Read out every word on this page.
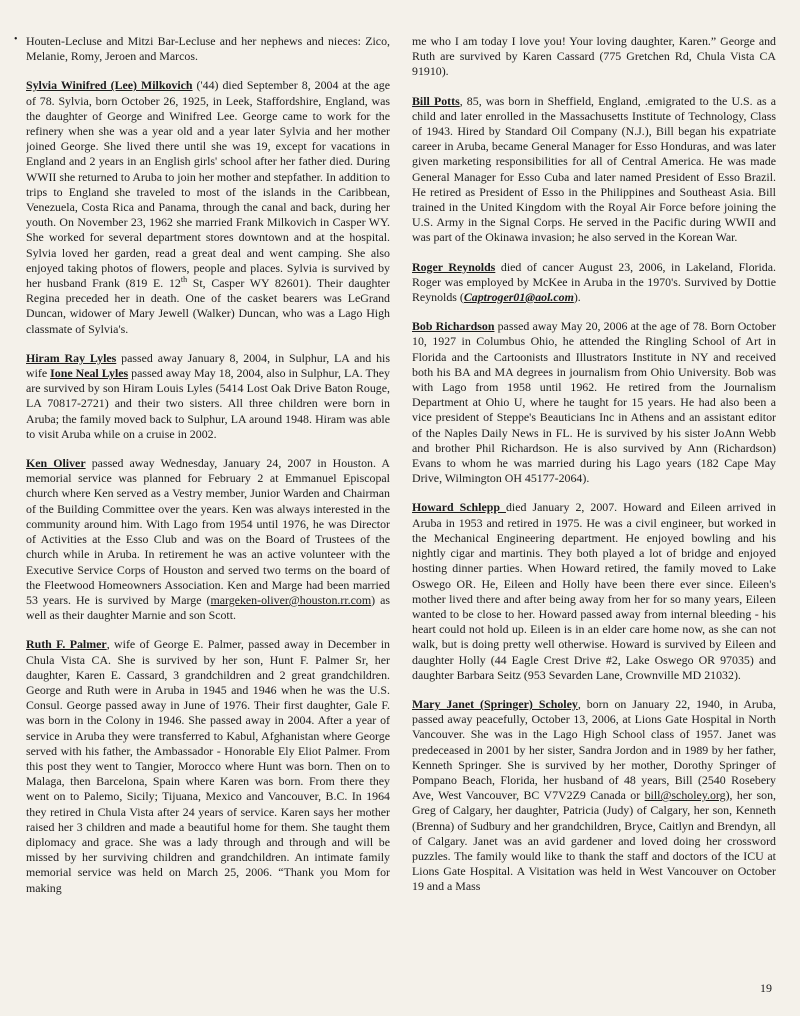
• Houten-Lecluse and Mitzi Bar-Lecluse and her nephews and nieces: Zico, Melanie, Romy, Jeroen and Marcos.

Sylvia Winifred (Lee) Milkovich ('44) died September 8, 2004 at the age of 78. Sylvia, born October 26, 1925, in Leek, Staffordshire, England, was the daughter of George and Winifred Lee. George came to work for the refinery when she was a year old and a year later Sylvia and her mother joined George. She lived there until she was 19, except for vacations in England and 2 years in an English girls' school after her father died. During WWII she returned to Aruba to join her mother and stepfather. In addition to trips to England she traveled to most of the islands in the Caribbean, Venezuela, Costa Rica and Panama, through the canal and back, during her youth. On November 23, 1962 she married Frank Milkovich in Casper WY. She worked for several department stores downtown and at the hospital. Sylvia loved her garden, read a great deal and went camping. She also enjoyed taking photos of flowers, people and places. Sylvia is survived by her husband Frank (819 E. 12th St, Casper WY 82601). Their daughter Regina preceded her in death. One of the casket bearers was LeGrand Duncan, widower of Mary Jewell (Walker) Duncan, who was a Lago High classmate of Sylvia's.

Hiram Ray Lyles passed away January 8, 2004, in Sulphur, LA and his wife Ione Neal Lyles passed away May 18, 2004, also in Sulphur, LA. They are survived by son Hiram Louis Lyles (5414 Lost Oak Drive Baton Rouge, LA 70817-2721) and their two sisters. All three children were born in Aruba; the family moved back to Sulphur, LA around 1948. Hiram was able to visit Aruba while on a cruise in 2002.

Ken Oliver passed away Wednesday, January 24, 2007 in Houston. A memorial service was planned for February 2 at Emmanuel Episcopal church where Ken served as a Vestry member, Junior Warden and Chairman of the Building Committee over the years. Ken was always interested in the community around him. With Lago from 1954 until 1976, he was Director of Activities at the Esso Club and was on the Board of Trustees of the church while in Aruba. In retirement he was an active volunteer with the Executive Service Corps of Houston and served two terms on the board of the Fleetwood Homeowners Association. Ken and Marge had been married 53 years. He is survived by Marge (margeken-oliver@houston.rr.com) as well as their daughter Marnie and son Scott.

Ruth F. Palmer, wife of George E. Palmer, passed away in December in Chula Vista CA. She is survived by her son, Hunt F. Palmer Sr, her daughter, Karen E. Cassard, 3 grandchildren and 2 great grandchildren. George and Ruth were in Aruba in 1945 and 1946 when he was the U.S. Consul. George passed away in June of 1976. Their first daughter, Gale F. was born in the Colony in 1946. She passed away in 2004. After a year of service in Aruba they were transferred to Kabul, Afghanistan where George served with his father, the Ambassador - Honorable Ely Eliot Palmer. From this post they went to Tangier, Morocco where Hunt was born. Then on to Malaga, then Barcelona, Spain where Karen was born. From there they went on to Palemo, Sicily; Tijuana, Mexico and Vancouver, B.C. In 1964 they retired in Chula Vista after 24 years of service. Karen says her mother raised her 3 children and made a beautiful home for them. She taught them diplomacy and grace. She was a lady through and through and will be missed by her surviving children and grandchildren. An intimate family memorial service was held on March 25, 2006. “Thank you Mom for making

me who I am today I love you! Your loving daughter, Karen.” George and Ruth are survived by Karen Cassard (775 Gretchen Rd, Chula Vista CA 91910).

Bill Potts, 85, was born in Sheffield, England, .emigrated to the U.S. as a child and later enrolled in the Massachusetts Institute of Technology, Class of 1943. Hired by Standard Oil Company (N.J.), Bill began his expatriate career in Aruba, became General Manager for Esso Honduras, and was later given marketing responsibilities for all of Central America. He was made General Manager for Esso Cuba and later named President of Esso Brazil. He retired as President of Esso in the Philippines and Southeast Asia. Bill trained in the United Kingdom with the Royal Air Force before joining the U.S. Army in the Signal Corps. He served in the Pacific during WWII and was part of the Okinawa invasion; he also served in the Korean War.

Roger Reynolds died of cancer August 23, 2006, in Lakeland, Florida. Roger was employed by McKee in Aruba in the 1970's. Survived by Dottie Reynolds (Captroger01@aol.com).

Bob Richardson passed away May 20, 2006 at the age of 78. Born October 10, 1927 in Columbus Ohio, he attended the Ringling School of Art in Florida and the Cartoonists and Illustrators Institute in NY and received both his BA and MA degrees in journalism from Ohio University. Bob was with Lago from 1958 until 1962. He retired from the Journalism Department at Ohio U, where he taught for 15 years. He had also been a vice president of Steppe's Beauticians Inc in Athens and an assistant editor of the Naples Daily News in FL. He is survived by his sister JoAnn Webb and brother Phil Richardson. He is also survived by Ann (Richardson) Evans to whom he was married during his Lago years (182 Cape May Drive, Wilmington OH 45177-2064).

Howard Schlepp died January 2, 2007. Howard and Eileen arrived in Aruba in 1953 and retired in 1975. He was a civil engineer, but worked in the Mechanical Engineering department. He enjoyed bowling and his nightly cigar and martinis. They both played a lot of bridge and enjoyed hosting dinner parties. When Howard retired, the family moved to Lake Oswego OR. He, Eileen and Holly have been there ever since. Eileen's mother lived there and after being away from her for so many years, Eileen wanted to be close to her. Howard passed away from internal bleeding - his heart could not hold up. Eileen is in an elder care home now, as she can not walk, but is doing pretty well otherwise. Howard is survived by Eileen and daughter Holly (44 Eagle Crest Drive #2, Lake Oswego OR 97035) and daughter Barbara Seitz (953 Sevarden Lane, Crownville MD 21032).

Mary Janet (Springer) Scholey, born on January 22, 1940, in Aruba, passed away peacefully, October 13, 2006, at Lions Gate Hospital in North Vancouver. She was in the Lago High School class of 1957. Janet was predeceased in 2001 by her sister, Sandra Jordon and in 1989 by her father, Kenneth Springer. She is survived by her mother, Dorothy Springer of Pompano Beach, Florida, her husband of 48 years, Bill (2540 Rosebery Ave, West Vancouver, BC V7V2Z9 Canada or bill@scholey.org), her son, Greg of Calgary, her daughter, Patricia (Judy) of Calgary, her son, Kenneth (Brenna) of Sudbury and her grandchildren, Bryce, Caitlyn and Brendyn, all of Calgary. Janet was an avid gardener and loved doing her crossword puzzles. The family would like to thank the staff and doctors of the ICU at Lions Gate Hospital. A Visitation was held in West Vancouver on October 19 and a Mass

19
